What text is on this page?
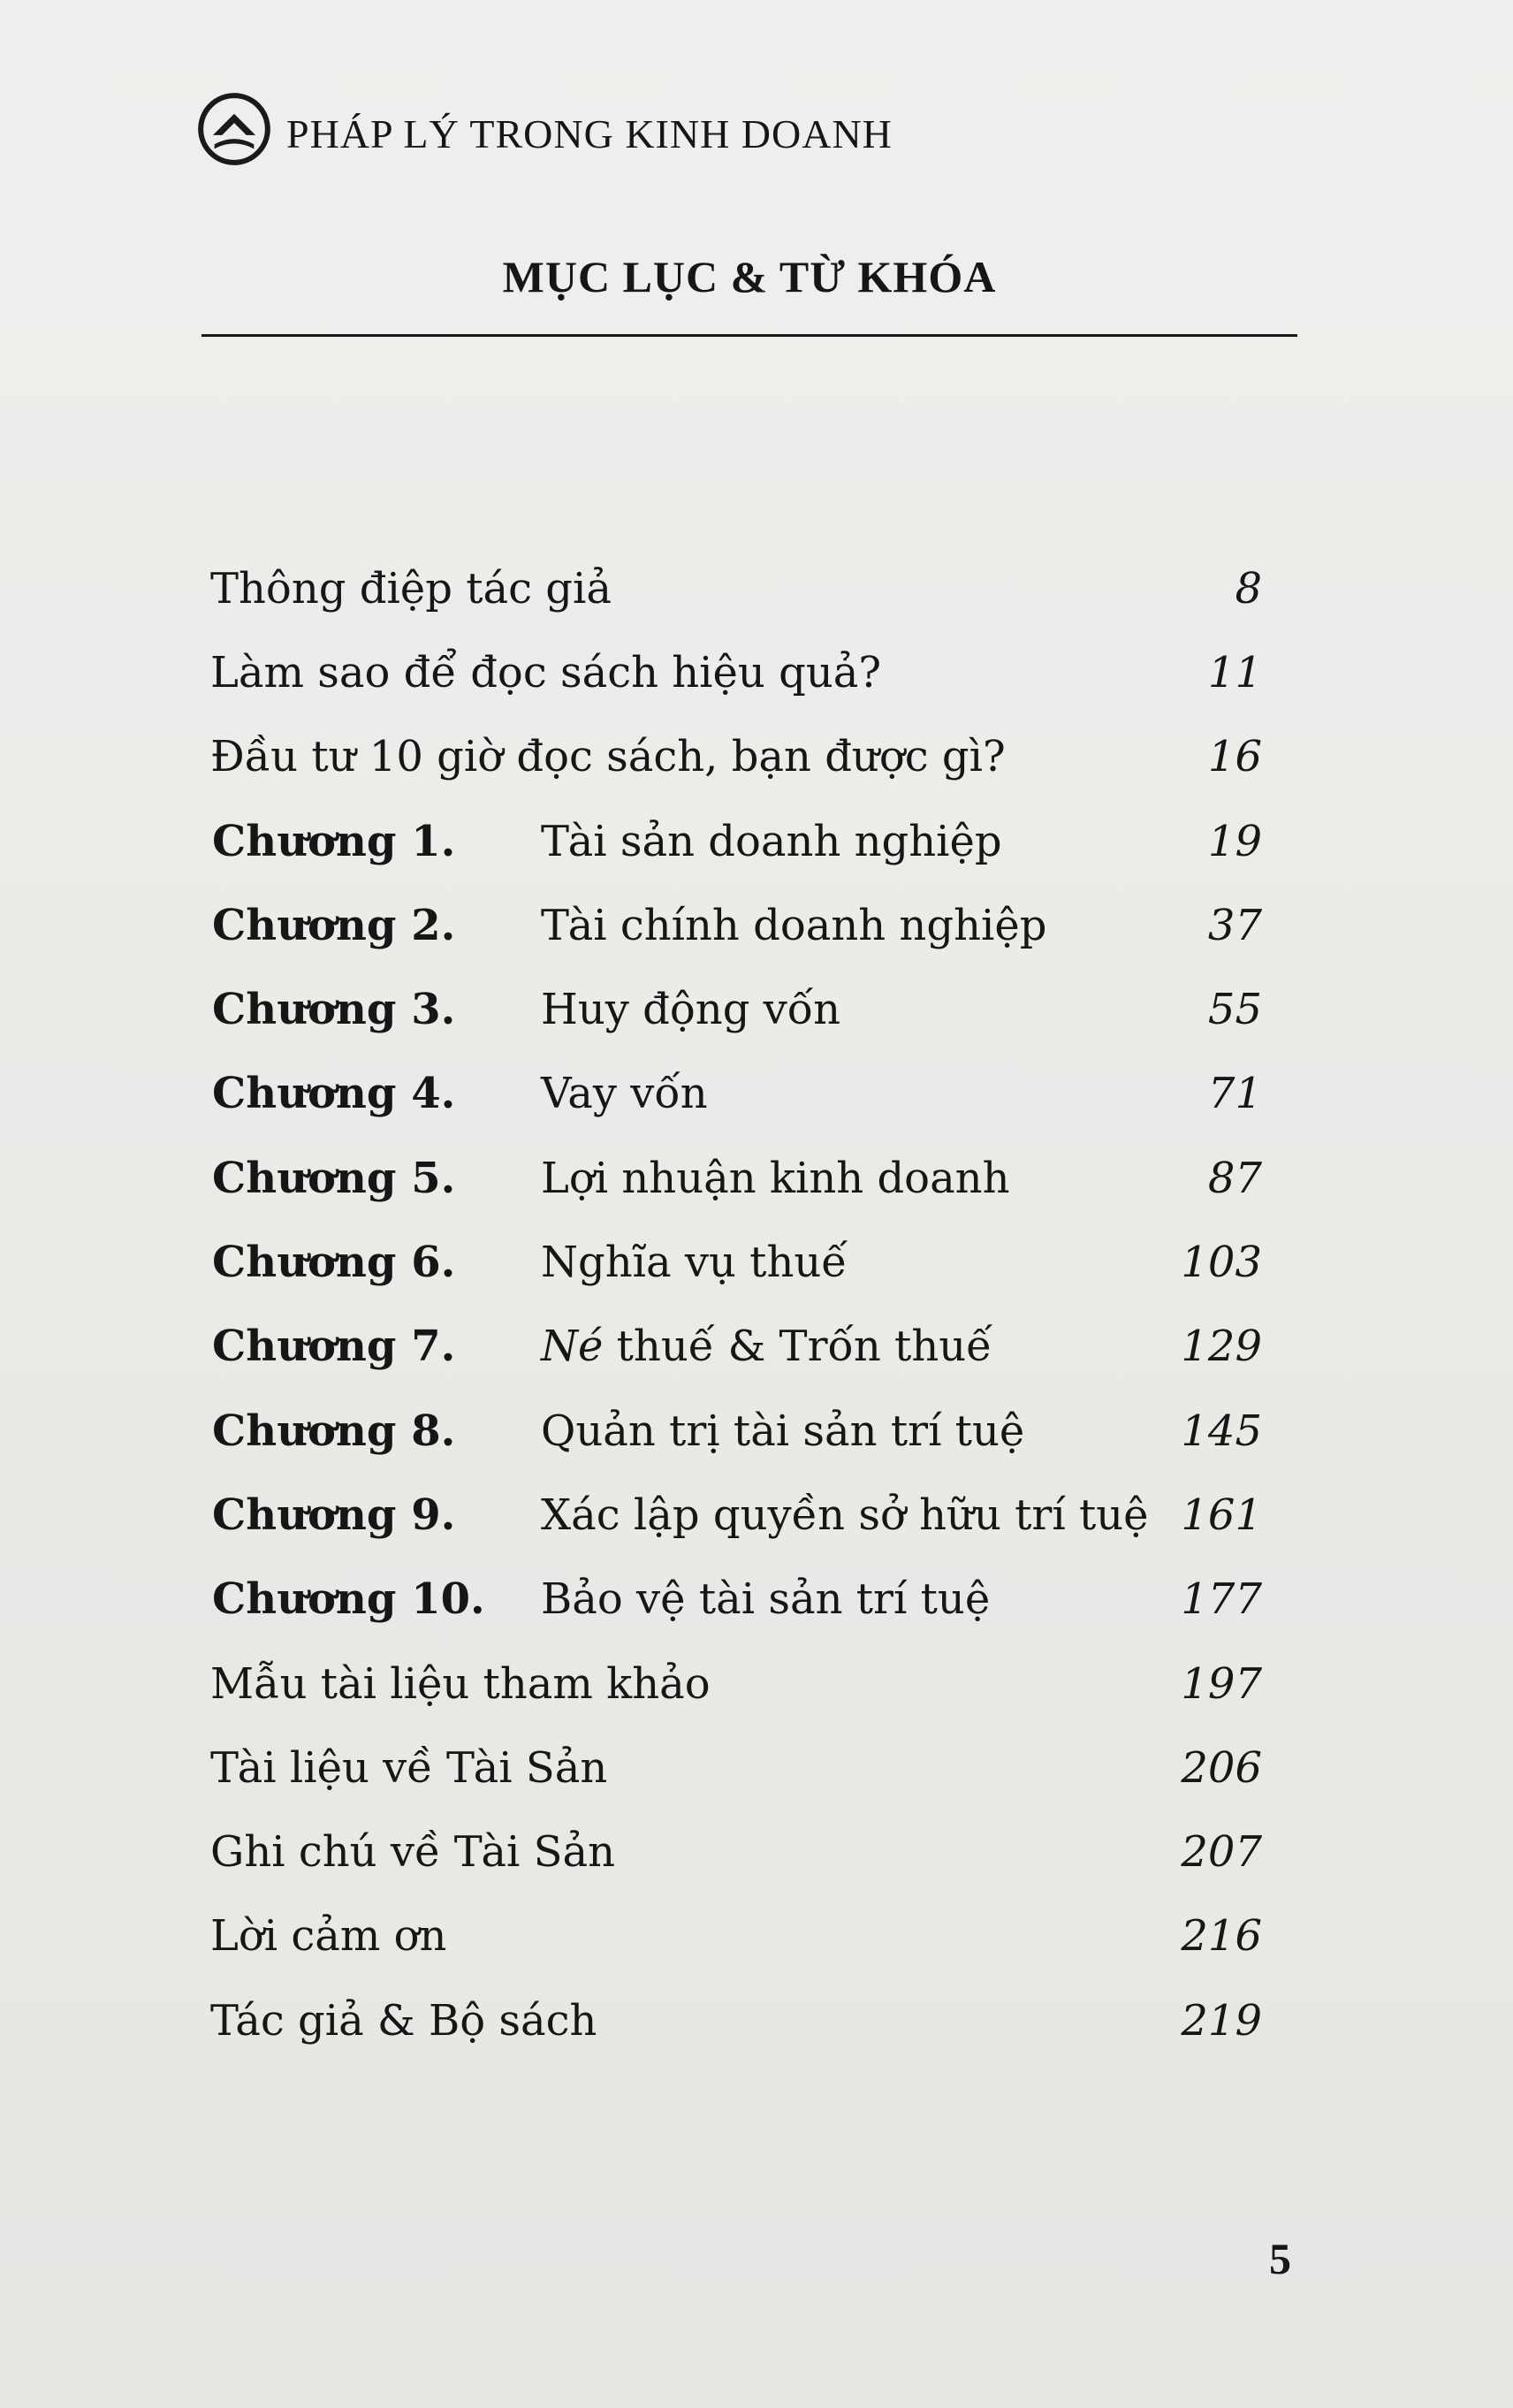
PHÁP LÝ TRONG KINH DOANH
MỤC LỤC & TỪ KHÓA
Thông điệp tác giả	8
Làm sao để đọc sách hiệu quả?	11
Đầu tư 10 giờ đọc sách, bạn được gì?	16
Chương 1. Tài sản doanh nghiệp	19
Chương 2. Tài chính doanh nghiệp	37
Chương 3. Huy động vốn	55
Chương 4. Vay vốn	71
Chương 5. Lợi nhuận kinh doanh	87
Chương 6. Nghĩa vụ thuế	103
Chương 7. Né thuế & Trốn thuế	129
Chương 8. Quản trị tài sản trí tuệ	145
Chương 9. Xác lập quyền sở hữu trí tuệ 161
Chương 10. Bảo vệ tài sản trí tuệ	177
Mẫu tài liệu tham khảo	197
Tài liệu về Tài Sản	206
Ghi chú về Tài Sản	207
Lời cảm ơn	216
Tác giả & Bộ sách	219
5
